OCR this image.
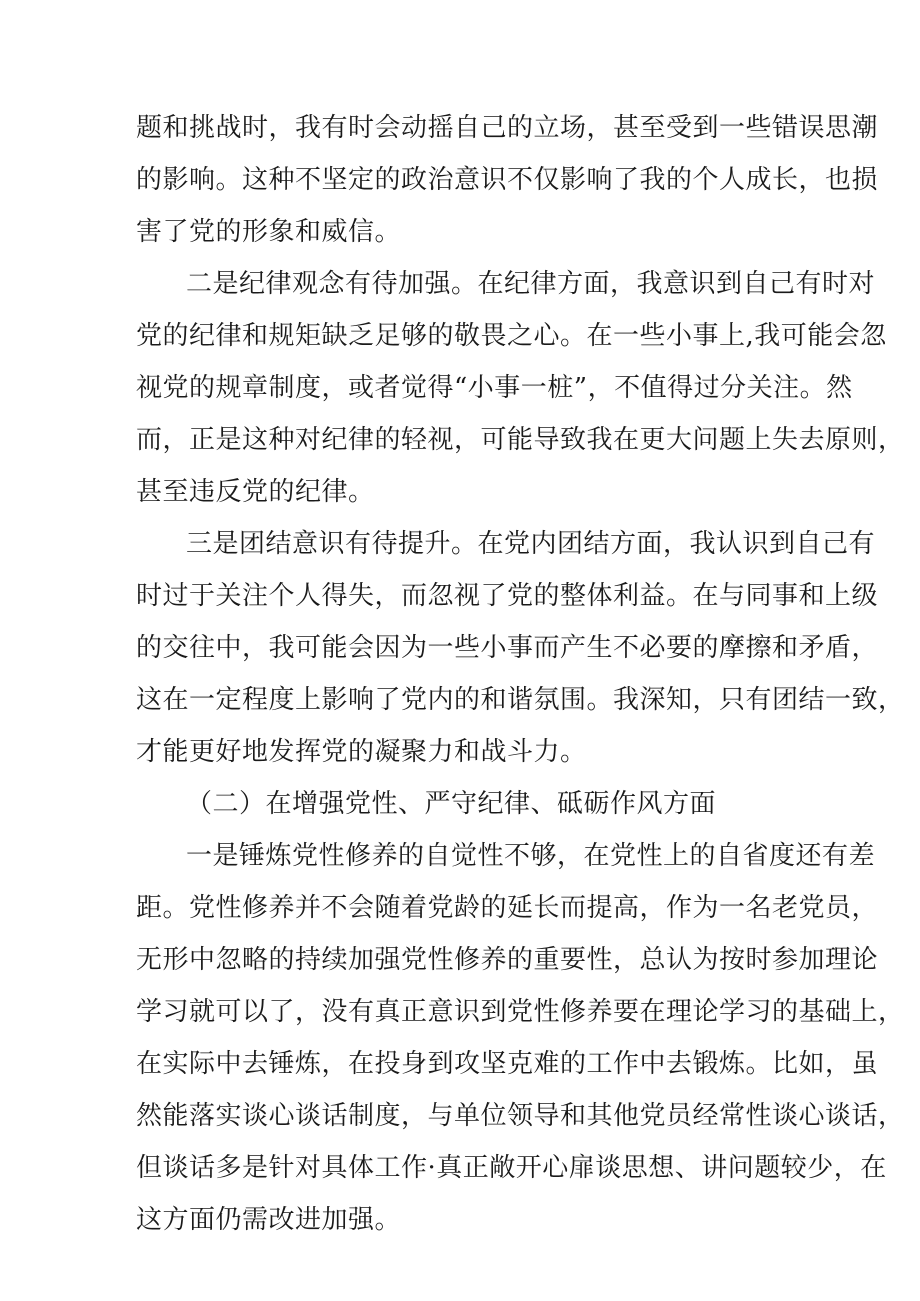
题和挑战时，我有时会动摇自己的立场，甚至受到一些错误思潮

的影响。这种不坚定的政治意识不仅影响了我的个人成长，也损

害了党的形象和威信。

二是纪律观念有待加强。在纪律方面，我意识到自己有时对

党的纪律和规矩缺乏足够的敬畏之心。在一些小事上,我可能会忽

视党的规章制度，或者觉得“小事一桩”，不值得过分关注。然

而，正是这种对纪律的轻视，可能导致我在更大问题上失去原则，

甚至违反党的纪律。

三是团结意识有待提升。在党内团结方面，我认识到自己有

时过于关注个人得失，而忽视了党的整体利益。在与同事和上级

的交往中，我可能会因为一些小事而产生不必要的摩擦和矛盾，

这在一定程度上影响了党内的和谐氛围。我深知，只有团结一致，

才能更好地发挥党的凝聚力和战斗力。

（二）在增强党性、严守纪律、砥砺作风方面

一是锤炼党性修养的自觉性不够，在党性上的自省度还有差

距。党性修养并不会随着党龄的延长而提高，作为一名老党员，

无形中忽略的持续加强党性修养的重要性，总认为按时参加理论

学习就可以了，没有真正意识到党性修养要在理论学习的基础上，

在实际中去锤炼，在投身到攻坚克难的工作中去锻炼。比如，虽

然能落实谈心谈话制度，与单位领导和其他党员经常性谈心谈话，

但谈话多是针对具体工作·真正敞开心扉谈思想、讲问题较少，在

这方面仍需改进加强。
